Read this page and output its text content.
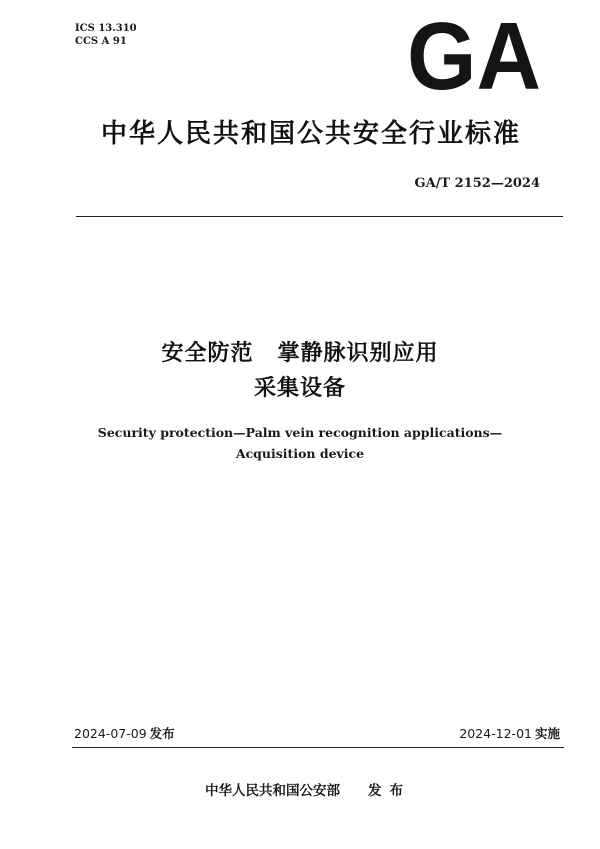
ICS 13.310
CCS A 91	GA
中华人民共和国公共安全行业标准
GA/T 2152—2024
安全防范 掌静脉识别应用
采集设备
Security protection—Palm vein recognition applications—
Acquisition device
2024-07-09 发布	2024-12-01 实施
中华人民共和国公安部 发布
